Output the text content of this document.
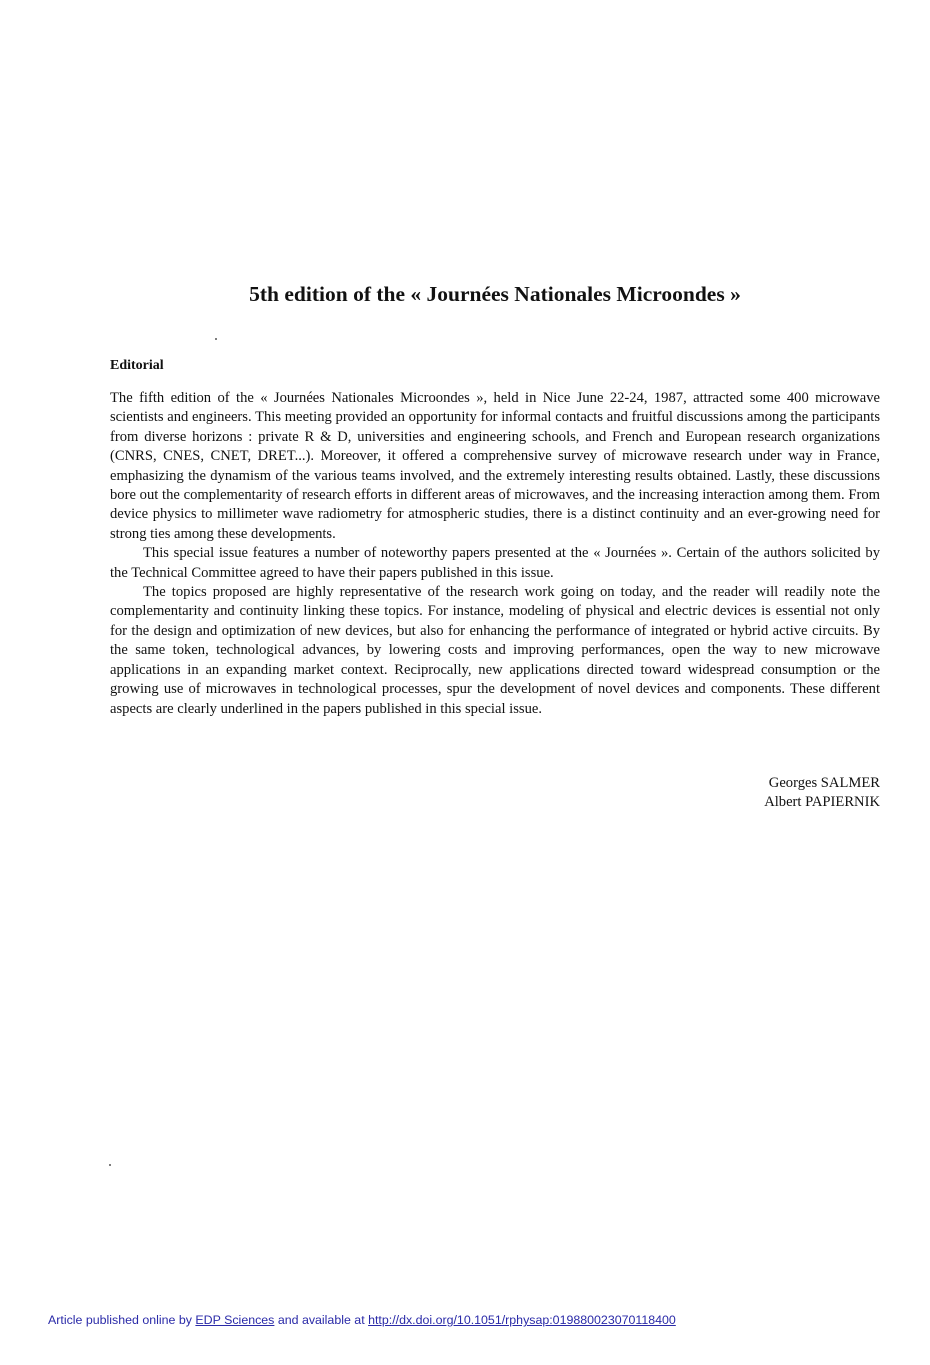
5th edition of the « Journées Nationales Microondes »
Editorial

The fifth edition of the « Journées Nationales Microondes », held in Nice June 22-24, 1987, attracted some 400 microwave scientists and engineers. This meeting provided an opportunity for informal contacts and fruitful discussions among the participants from diverse horizons : private R & D, universities and engineering schools, and French and European research organizations (CNRS, CNES, CNET, DRET...). Moreover, it offered a comprehensive survey of microwave research under way in France, emphasizing the dynamism of the various teams involved, and the extremely interesting results obtained. Lastly, these discussions bore out the complementarity of research efforts in different areas of microwaves, and the increasing interaction among them. From device physics to millimeter wave radiometry for atmospheric studies, there is a distinct continuity and an ever-growing need for strong ties among these developments.

This special issue features a number of noteworthy papers presented at the « Journées ». Certain of the authors solicited by the Technical Committee agreed to have their papers published in this issue.

The topics proposed are highly representative of the research work going on today, and the reader will readily note the complementarity and continuity linking these topics. For instance, modeling of physical and electric devices is essential not only for the design and optimization of new devices, but also for enhancing the performance of integrated or hybrid active circuits. By the same token, technological advances, by lowering costs and improving performances, open the way to new microwave applications in an expanding market context. Reciprocally, new applications directed toward widespread consumption or the growing use of microwaves in technological processes, spur the development of novel devices and components. These different aspects are clearly underlined in the papers published in this special issue.

Georges SALMER
Albert PAPIERNIK
Article published online by EDP Sciences and available at http://dx.doi.org/10.1051/rphysap:019880023070118400
